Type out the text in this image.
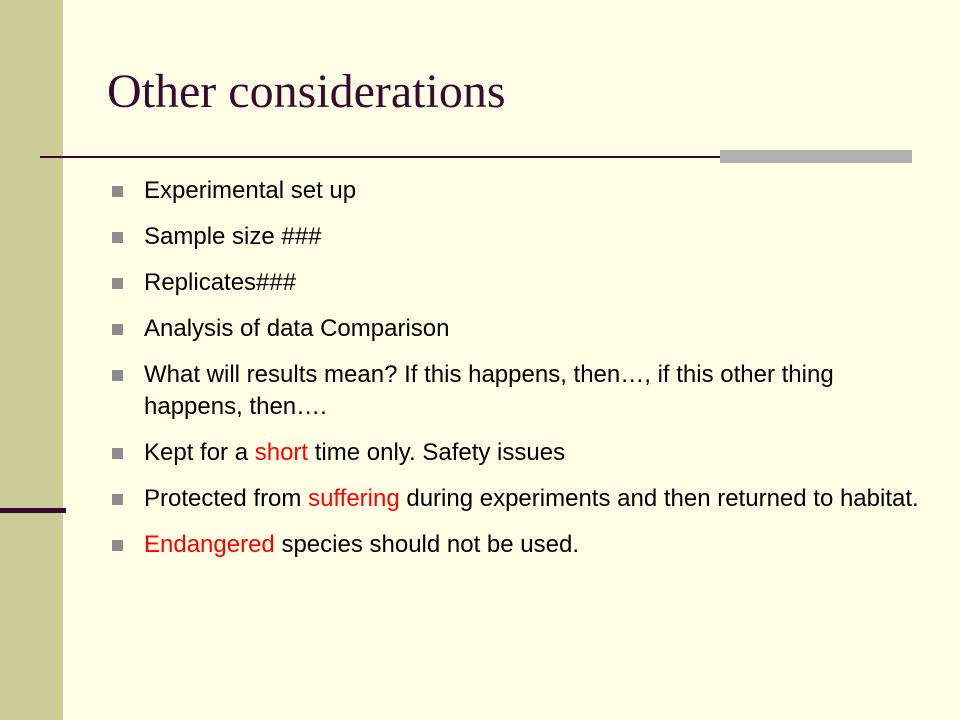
Other considerations
Experimental set up
Sample size ###
Replicates###
Analysis of data Comparison
What will results mean? If this happens, then…, if this other thing happens, then….
Kept for a short time only. Safety issues
Protected from suffering during experiments and then returned to habitat.
Endangered species should not be used.
